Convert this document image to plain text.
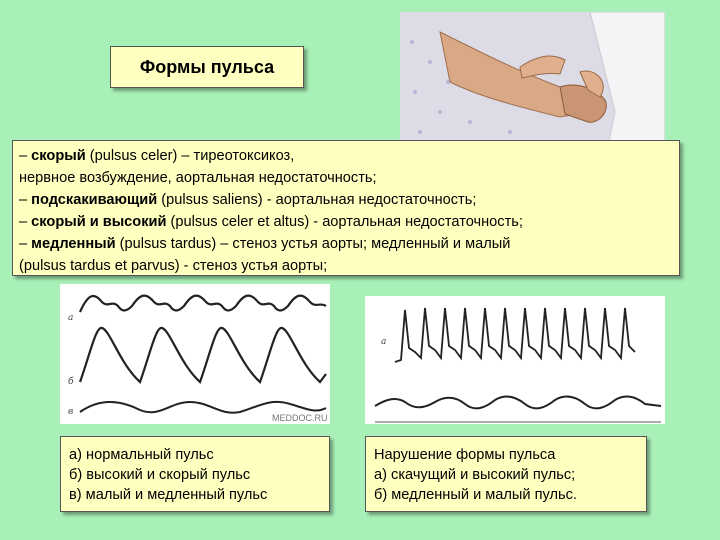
Формы пульса

– скорый (pulsus celer) – тиреотоксикоз,

нервное возбуждение, аортальная недостаточность;

– подскакивающий (pulsus saliens) - аортальная недостаточность;

– скорый и высокий (pulsus celer et altus) - аортальная недостаточность;

– медленный (pulsus tardus) – стеноз устья аорты; медленный и малый

(pulsus tardus et parvus) - стеноз устья аорты;

а
б
в
MEDDOC.RU
а
а) нормальный пульс
б) высокий и скорый пульс
в) малый и медленный пульс
Нарушение формы пульса
а) скачущий и высокий пульс;
б) медленный и малый пульс.
